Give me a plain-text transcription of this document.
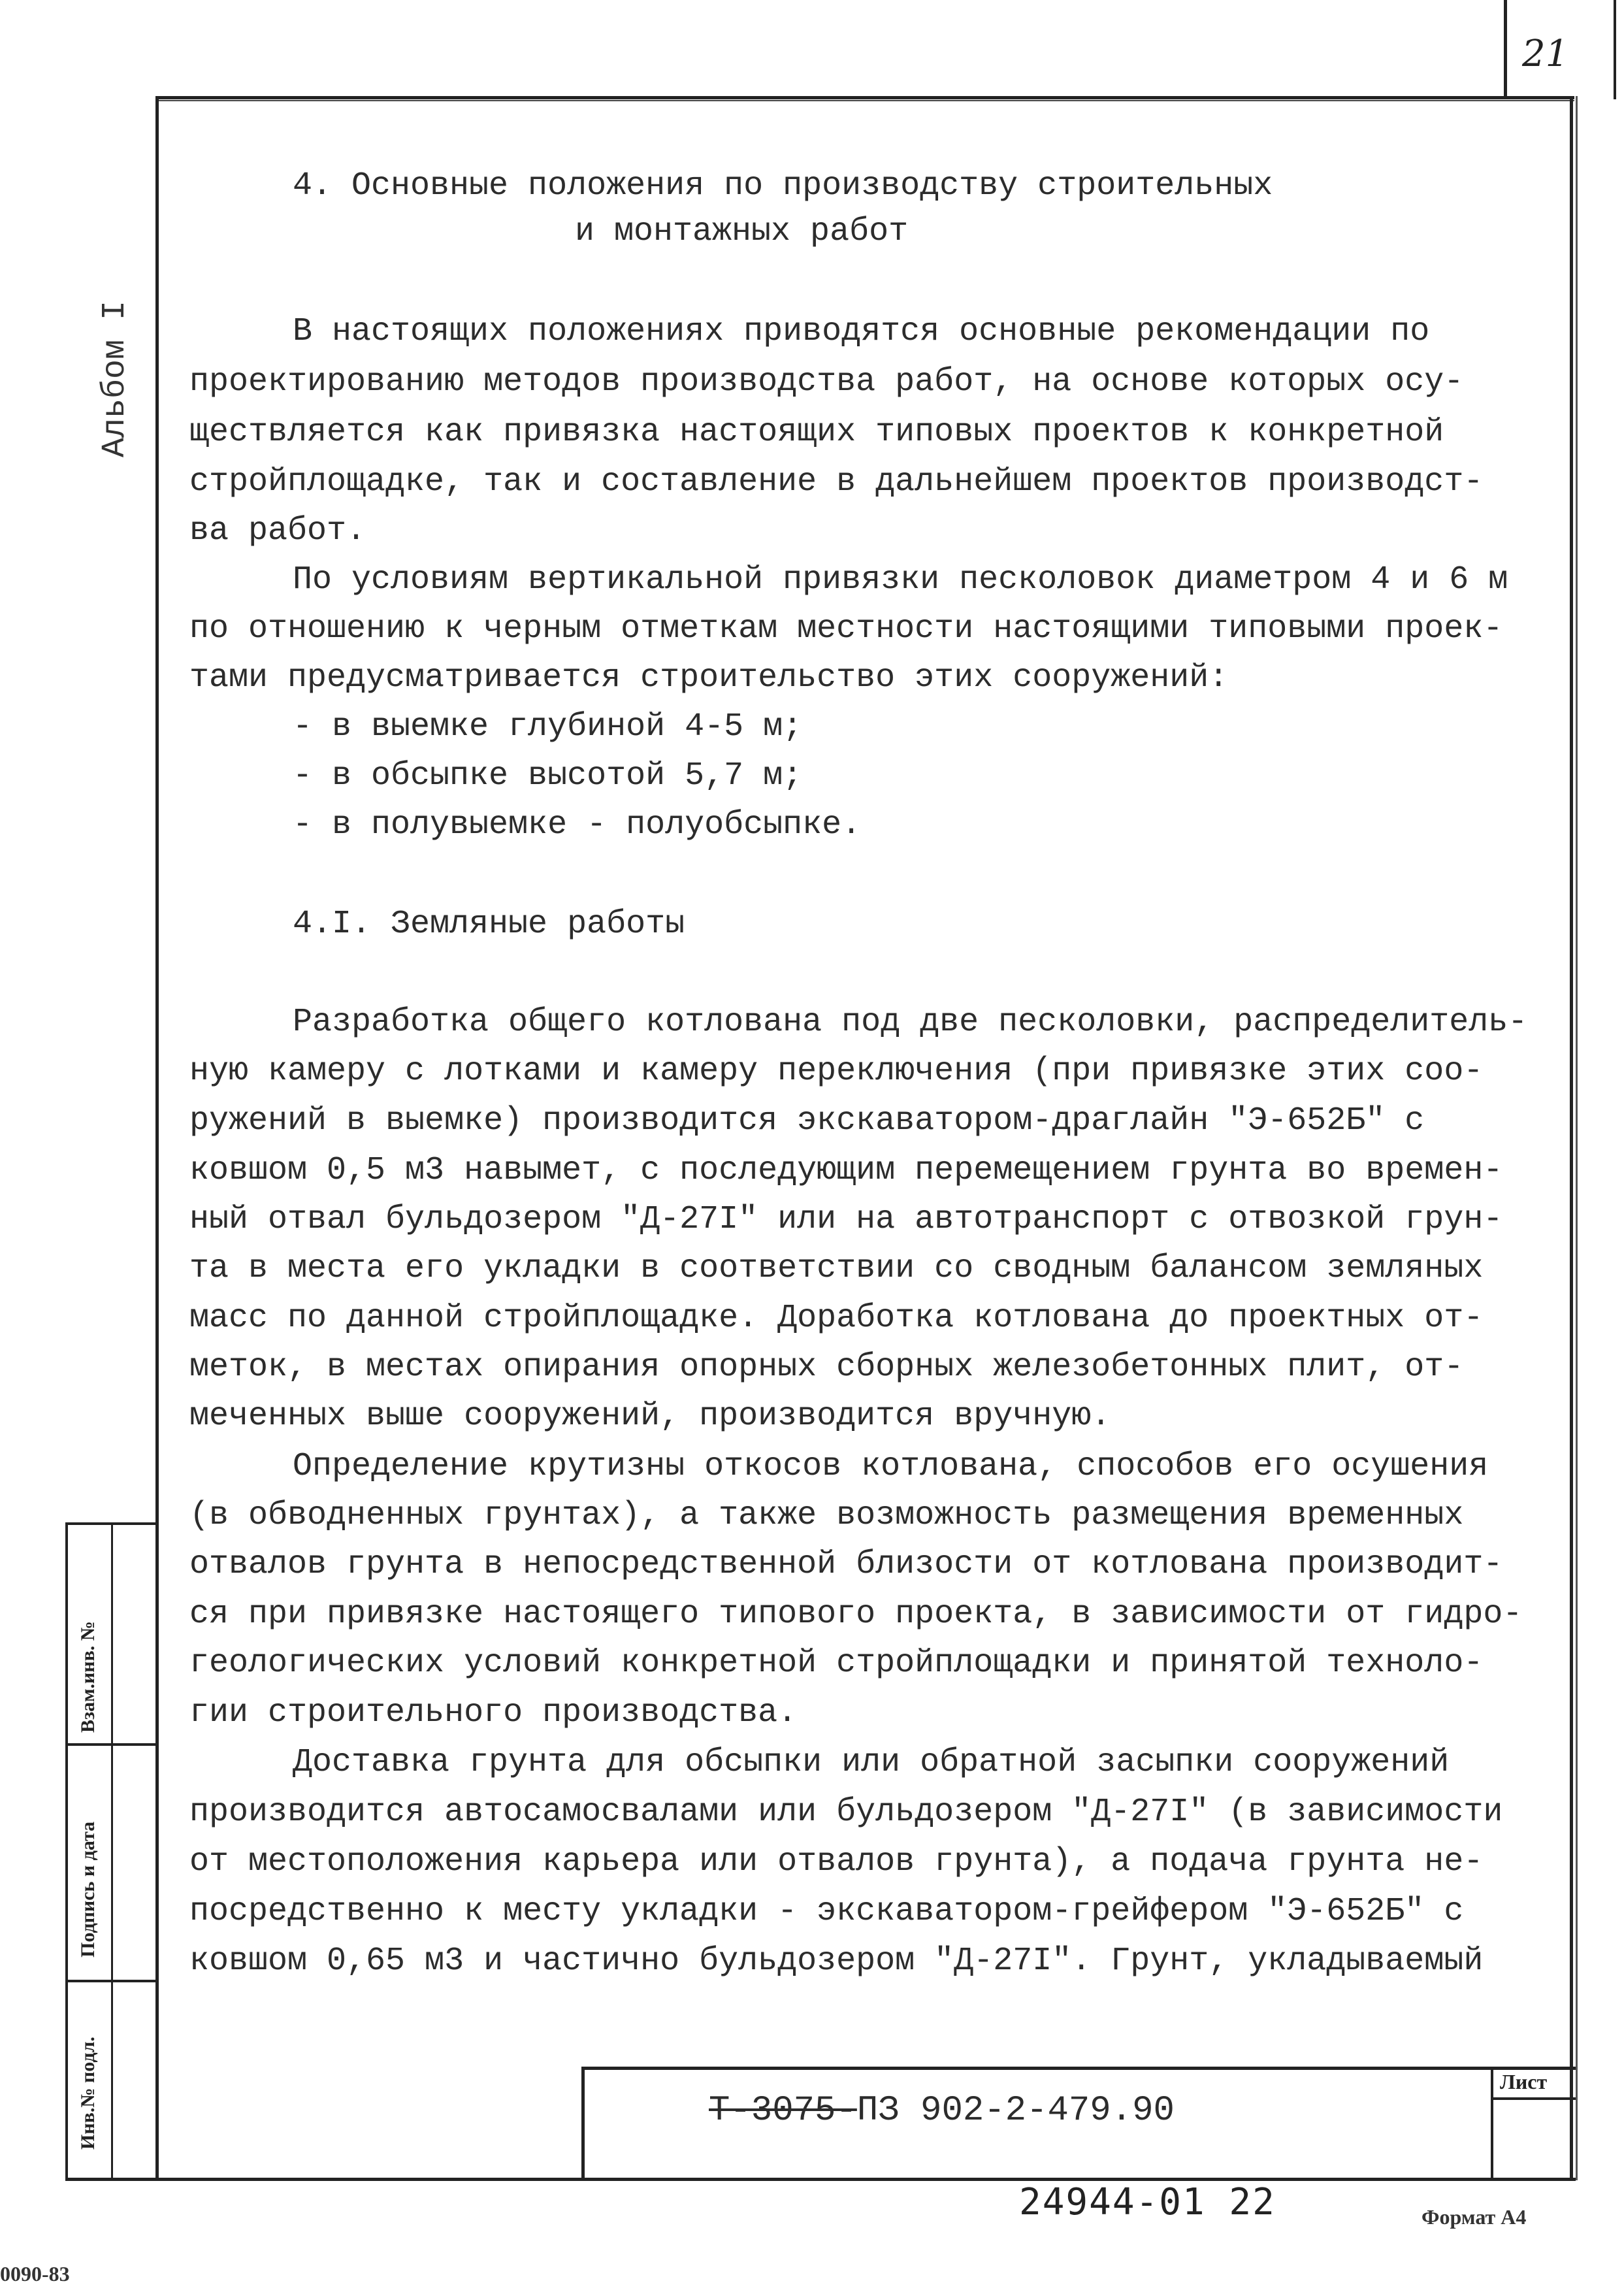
21
Альбом I
Взам.инв. №
Подпись и дата
Инв.№ подл.
4. Основные положения по производству строительных
и монтажных работ
В настоящих положениях приводятся основные рекомендации по
проектированию методов производства работ, на основе которых осу-
ществляется как привязка настоящих типовых проектов к конкретной
стройплощадке, так и составление в дальнейшем проектов производст-
ва работ.
По условиям вертикальной привязки песколовок диаметром 4 и 6 м
по отношению к черным отметкам местности настоящими типовыми проек-
тами предусматривается строительство этих сооружений:
- в выемке глубиной 4-5 м;
- в обсыпке высотой 5,7 м;
- в полувыемке - полуобсыпке.
4.I. Земляные работы
Разработка общего котлована под две песколовки, распределитель-
ную камеру с лотками и камеру переключения (при привязке этих соо-
ружений в выемке) производится экскаватором-драглайн "Э-652Б" с
ковшом 0,5 м3 навымет, с последующим перемещением грунта во времен-
ный отвал бульдозером "Д-27I" или на автотранспорт с отвозкой грун-
та в места его укладки в соответствии со сводным балансом земляных
масс по данной стройплощадке. Доработка котлована до проектных от-
меток, в местах опирания опорных сборных железобетонных плит, от-
меченных выше сооружений, производится вручную.
Определение крутизны откосов котлована, способов его осушения
(в обводненных грунтах), а также возможность размещения временных
отвалов грунта в непосредственной близости от котлована производит-
ся при привязке настоящего типового проекта, в зависимости от гидро-
геологических условий конкретной стройплощадки и принятой техноло-
гии строительного производства.
Доставка грунта для обсыпки или обратной засыпки сооружений
производится автосамосвалами или бульдозером "Д-27I" (в зависимости
от местоположения карьера или отвалов грунта), а подача грунта не-
посредственно к месту укладки - экскаватором-грейфером "Э-652Б" с
ковшом 0,65 м3 и частично бульдозером "Д-27I". Грунт, укладываемый
Лист
Т-3075-ПЗ 902-2-479.90
24944-01 22	Формат А4
0090-83
